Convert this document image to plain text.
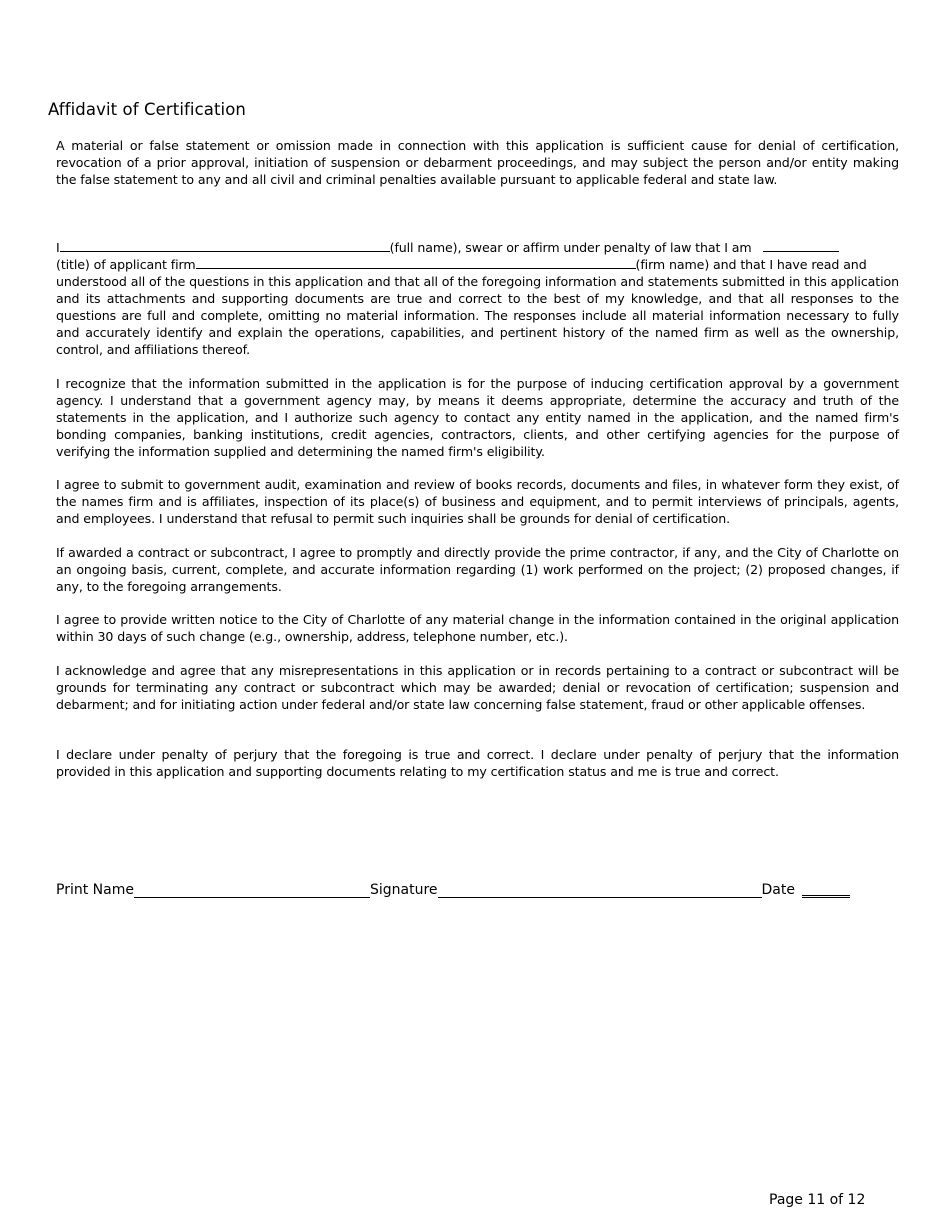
Affidavit of Certification

A material or false statement or omission made in connection with this application is sufficient cause for denial of certification, revocation of a prior approval, initiation of suspension or debarment proceedings, and may subject the person and/or entity making the false statement to any and all civil and criminal penalties available pursuant to applicable federal and state law.

I	(full name), swear or affirm under penalty of law that I am
(title) of applicant firm	(firm name) and that I have read and
understood all of the questions in this application and that all of the foregoing information and statements submitted in this application and its attachments and supporting documents are true and correct to the best of my knowledge, and that all responses to the questions are full and complete, omitting no material information. The responses include all material information necessary to fully and accurately identify and explain the operations, capabilities, and pertinent history of the named firm as well as the ownership, control, and affiliations thereof.

I recognize that the information submitted in the application is for the purpose of inducing certification approval by a government agency. I understand that a government agency may, by means it deems appropriate, determine the accuracy and truth of the statements in the application, and I authorize such agency to contact any entity named in the application, and the named firm's bonding companies, banking institutions, credit agencies, contractors, clients, and other certifying agencies for the purpose of verifying the information supplied and determining the named firm's eligibility.

I agree to submit to government audit, examination and review of books records, documents and files, in whatever form they exist, of the names firm and is affiliates, inspection of its place(s) of business and equipment, and to permit interviews of principals, agents, and employees. I understand that refusal to permit such inquiries shall be grounds for denial of certification.

If awarded a contract or subcontract, I agree to promptly and directly provide the prime contractor, if any, and the City of Charlotte on an ongoing basis, current, complete, and accurate information regarding (1) work performed on the project; (2) proposed changes, if any, to the foregoing arrangements.

I agree to provide written notice to the City of Charlotte of any material change in the information contained in the original application within 30 days of such change (e.g., ownership, address, telephone number, etc.).

I acknowledge and agree that any misrepresentations in this application or in records pertaining to a contract or subcontract will be grounds for terminating any contract or subcontract which may be awarded; denial or revocation of certification; suspension and debarment; and for initiating action under federal and/or state law concerning false statement, fraud or other applicable offenses.

I declare under penalty of perjury that the foregoing is true and correct. I declare under penalty of perjury that the information provided in this application and supporting documents relating to my certification status and me is true and correct.

Print Name	Signature	Date
Page 11 of 12
